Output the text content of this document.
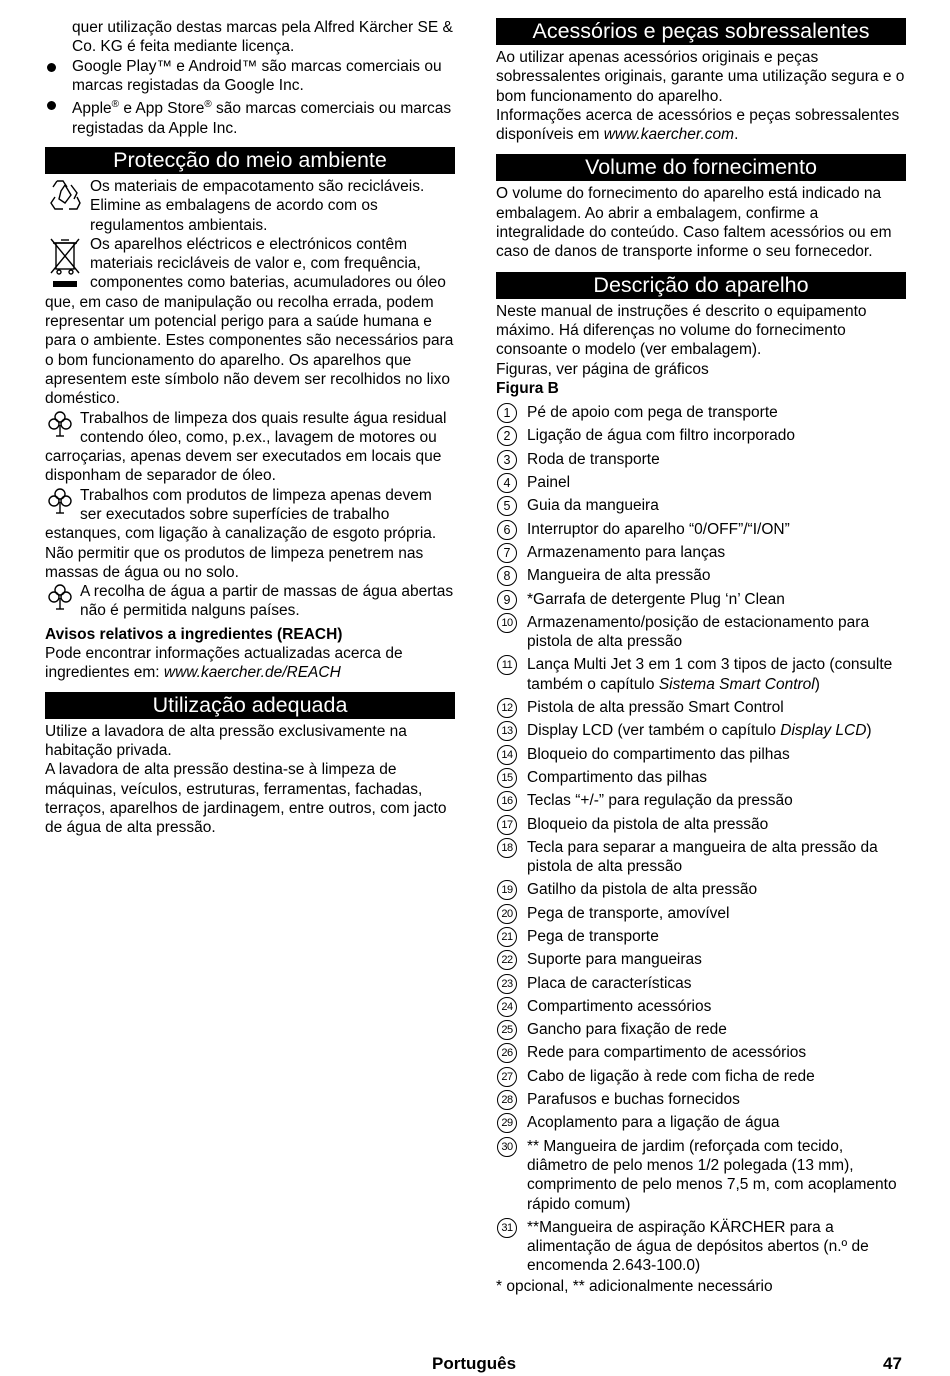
quer utilização destas marcas pela Alfred Kärcher SE & Co. KG é feita mediante licença.

Google Play™ e Android™ são marcas comerciais ou marcas registadas da Google Inc.
Apple® e App Store® são marcas comerciais ou marcas registadas da Apple Inc.
Protecção do meio ambiente

Os materiais de empacotamento são recicláveis. Elimine as embalagens de acordo com os regulamentos ambientais.

Os aparelhos eléctricos e electrónicos contêm materiais recicláveis de valor e, com frequência, componentes como baterias, acumuladores ou óleo que, em caso de manipulação ou recolha errada, podem representar um potencial perigo para a saúde humana e para o ambiente. Estes componentes são necessários para o bom funcionamento do aparelho. Os aparelhos que apresentem este símbolo não devem ser recolhidos no lixo doméstico.

Trabalhos de limpeza dos quais resulte água residual contendo óleo, como, p.ex., lavagem de motores ou carroçarias, apenas devem ser executados em locais que disponham de separador de óleo.

Trabalhos com produtos de limpeza apenas devem ser executados sobre superfícies de trabalho estanques, com ligação à canalização de esgoto própria. Não permitir que os produtos de limpeza penetrem nas massas de água ou no solo.

A recolha de água a partir de massas de água abertas não é permitida nalguns países.

Avisos relativos a ingredientes (REACH)

Pode encontrar informações actualizadas acerca de ingredientes em: www.kaercher.de/REACH

Utilização adequada

Utilize a lavadora de alta pressão exclusivamente na habitação privada.

A lavadora de alta pressão destina-se à limpeza de máquinas, veículos, estruturas, ferramentas, fachadas, terraços, aparelhos de jardinagem, entre outros, com jacto de água de alta pressão.

Acessórios e peças sobressalentes

Ao utilizar apenas acessórios originais e peças sobressalentes originais, garante uma utilização segura e o bom funcionamento do aparelho.

Informações acerca de acessórios e peças sobressalentes disponíveis em www.kaercher.com.

Volume do fornecimento

O volume do fornecimento do aparelho está indicado na embalagem. Ao abrir a embalagem, confirme a integralidade do conteúdo. Caso faltem acessórios ou em caso de danos de transporte informe o seu fornecedor.

Descrição do aparelho

Neste manual de instruções é descrito o equipamento máximo. Há diferenças no volume do fornecimento consoante o modelo (ver embalagem).

Figuras, ver página de gráficos

Figura B

1	Pé de apoio com pega de transporte
2	Ligação de água com filtro incorporado
3	Roda de transporte
4	Painel
5	Guia da mangueira
6	Interruptor do aparelho “0/OFF”/“I/ON”
7	Armazenamento para lanças
8	Mangueira de alta pressão
9	*Garrafa de detergente Plug ‘n’ Clean
10 Armazenamento/posição de estacionamento para pistola de alta pressão
11 Lança Multi Jet 3 em 1 com 3 tipos de jacto (consulte também o capítulo Sistema Smart Control)
12 Pistola de alta pressão Smart Control
13 Display LCD (ver também o capítulo Display LCD)
14 Bloqueio do compartimento das pilhas
15 Compartimento das pilhas
16 Teclas “+/-” para regulação da pressão
17 Bloqueio da pistola de alta pressão
18 Tecla para separar a mangueira de alta pressão da pistola de alta pressão
19 Gatilho da pistola de alta pressão
20 Pega de transporte, amovível
21 Pega de transporte
22 Suporte para mangueiras
23 Placa de características
24 Compartimento acessórios
25 Gancho para fixação de rede
26 Rede para compartimento de acessórios
27 Cabo de ligação à rede com ficha de rede
28 Parafusos e buchas fornecidos
29 Acoplamento para a ligação de água
30 ** Mangueira de jardim (reforçada com tecido, diâmetro de pelo menos 1/2 polegada (13 mm), comprimento de pelo menos 7,5 m, com acoplamento rápido comum)
31 **Mangueira de aspiração KÄRCHER para a alimentação de água de depósitos abertos (n.º de encomenda 2.643-100.0)

* opcional, ** adicionalmente necessário

Português	47
